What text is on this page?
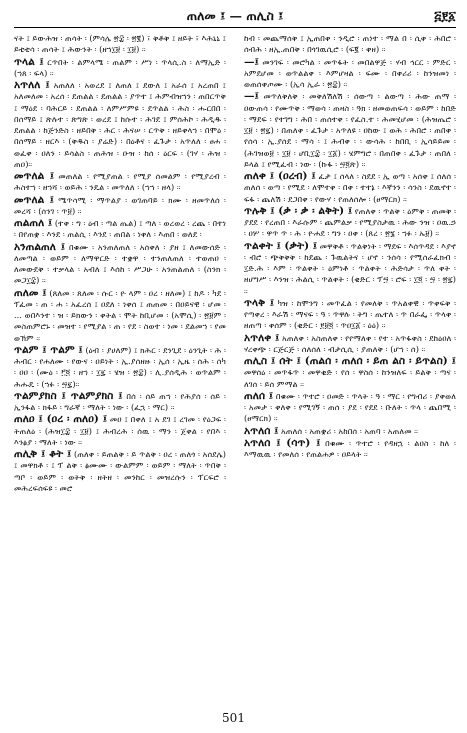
ጠለመ ፤ — ጠሊስ ፤	፭፻፩

ናት ፤ ይውሕዝ ፡ ጠሳት ፡ (ምሳሌ ፳፰ ፡ ፳፪) ፣ ቅቶቅ ፤ ዘይት ፣ እሕኒኒ ፤ ይቲቲሳ ፡ ጠሳት ፤ ሕውንት ፡ (ዘኀ፲፱ ፡ ፲፱) ።

ጥላል ፤ ርጥበት ፡ ልምላሜ ፡ ጠልም ፡ ሥነ ፡ ጥላሲ.ስ ፡ ለማኢድ ፡ (ኀጸ ፡ ፍላ) ።

አጥለለ ፤ አጠለለ ፡ አወረደ ፤ ለጠለ ፤ ደውለ ፤ አራሰ ፤ አረጠበ ፤ አለመለመ ፡ አረሰ ፡ ደጠልል ፡ ደጠልል ፡ ያጥተ ፤ ሕምብዝኀን ፡ ጠበርጥቅ ፤ ማዕደ ፡ ባሕርይ ፡ ደጠልል ፡ ለምሥምዩ ፡ ደጥልል ፡ ሕስ ፡ ሑርበበ ፡ በሰማይ ፤ ጽሉተ ፡ ጽግጽ ፡ ወረደ ፤ ከሱተ ፡ ሕገደ ፤ ምሰሕኮ ፡ ሕዲዱ ፡ ደጠልል ፡ ከጅንድስ ፡ ዘይበቅ ፡ ሕር ፡ ሕናሠ ፡ ርጥቅ ፡ ዘይቀላኀ ፡ በሞዕ ፡ በሰማይ ፡ ዘርእ ፡ (ቅዱስ ፡ ያሬድ) ፡ በዕቶና ፡ ፈጉታ ፡ አጥለለ ፡ ፀሐ ፡ ወፈቀ ፡ ዐለን ፡ ይሳልስ ፡ ጠሕዝ ፡ ዑዝ ፡ ከሰ ፡ ዕርፍ ፡ (ገሃ ፡ ሕዝ ፡ ጠዐ)።

መጥለል ፤ መጠለል ፡ የሚያጠል ፡ የሚያ ሰመልም ፡ የሚያረብ ፡ ሕስተኀ ፡ ዘኀሻ ፡ ወይሕ ፡ ንዴል ፡ መጥለለ ፡ (ኀኀ ፡ ዘላ) ።

መጥለል ፤ ሜጥሳሚ ፡ ማጥልያ ፡ ወገጠባይ ፡ ክሙ ፡ ዘመጥለሰ ፡ መረሻ ፡ (ሰንገ ፡ ጥ፱) ።

ጠልጠለ ፤ (ተቀ ፡ ግ ፡ ዕብ ፡ ጣል ጤል) ፤ ጣለ ፡ ወረወረ ፡ ረጨ ፡ በተነ ፡ በየጠቋ ፡ እንደ ፡ ጠልሲ ፡ እንደ ፡ ጠበል ፡ ነቀለ ፡ እጠበ ፡ ወለደ ፡

አንጠልጠለ ፤ በቁሙ ፡ አንጠለጠለ ፡ አሰቀለ ፡ ያዘ ፤ ለመውሰድ ፡ ለመጣል ፡ ወይም ፡ ለማዋርድ ፡ ተቋዋ ፡ ተንጠለጠለ ፡ ተወጠዐ ፡ ለመውደቅ ፡ ተቃላል ፡ አብለ ፤ እሰከ ፡ ሥጋሁ ፡ አንጠልጠለ ፡ (ስንክ ፡ መጋ፲፰) ።

ጠለመ ፤ (ጸለመ ፡ ጸለመ ፡ ሱር ፡ ዮ ላም ፡ ዐረ ፡ ዘለመ) ፤ ከዶ ፡ ካደ ፡ ፕፈመ ፡ ጠ ፡ ሐ ፡ አፈረሰ ፤ ዐደለ ፡ ነቀሰ ፤ ጠጠመ ፡ በዐይናዊ ፡ ሆመ ፡ ... ወበእንተ ፡ ዝ ፡ ይክውን ፡ ቀትል ፡ ሞት ከቢሆመ ፡ (አሞሲ) ፡ ፳፱ም ፡ መስጠምሮኑ ፡ መዝተ ፡ የሚያል ፡ ጠ ፡ የደ ፡ ስወተ ፡ ነመ ፡ ደልመኀ ፡ የመ ወኽም ።

ጥልም ፤ ጥልም ፤ (ዕብ ፡ ያሀለም) ፤ ክሕር ፡ ደንጊደ ፡ ዕንጊት ፡ ሕ ፡ ሕብር ፡ የሐለሙ ፡ የውና ፡ ዐይነት ፡ ኢ.ያሰዘዙ ፡ ኢሰ ፡ ኢዜ ፡ ሰሕ ፡ ሰካ ፡ ዐዐ ፡ (ሙዕ ፡ ፫፬ ፡ ዘኀ ፡ ፲፯ ፡ ሄዝ ፡ ፳፰) ፡ ሊ.ያሰዲሕ ፡ ወጥልም ፡ ሕሑዴ ፡ (ኀፉ ፡ ፵፯)።

ጥልምያክስ ፤ ጥልምያክስ ፤ በሰ ፡ ሰይ ጠኀ ፡ የሕያሰ ፡ ሰይ ፡ ኢንፋል ፡ ክፋይ ፡ ግራኛ ፡ ማለት ፡ ነው ፡ (ፈኋ ፡ ማር) ።

ጠለዐ ፤ (ዐረ ፡ ጠለዐ) ፤ መዐ ፤ በቀለ ፤ አ ደገ ፤ ረገመ ፡ የዕጋፍ ፡ ትጠለዕ ፡ (ሕዝ፲፰ ፡ ፲፱) ፤ ሕብረሕ ፡ ሰዉ ፡ ማን ፡ ጀቀል ፡ የበእ ፡ እንፅያ ፡ ማለት ፡ ነው ።

ጠሊቅ ፤ ቆት ፤ (ጠለቀ ፡ ይጠልቅ ፡ ይ ጥልቅ ፡ ዐረ ፡ ጠለጎ ፡ አሰደሌ) ፤ መዋክቶ ፡ ፤ ፕ ልቅ ፡ ፅሙሙ ፡ ውልምም ፡ ወይም ፡ ማለት ፡ ጥበቅ ፡ ጣቦ ፡ ወይም ፡ ወትቅ ፡ ዘትዘ ፡ መንከር ፡ መዝረሱን ፡ ፕርፍሮ ፡ መሕረፍሰፍዩ ፡ መሮ

ከብ ፡ መጨማሰቅ ፤ ኢጠበቀ ፡ ንዲሮ ፡ ጠነተ ፡ ማል በ ፡ ሲቀ ፡ ሕበሮ ፡ ሰብሕ ፡ ዘኢ.ጠበቅ ፡ በጎገዉሲሮ ፡ (ፍ፪ ፡ ቀዘ) ።

—፤ መንገፍ ፡ መሮካል ፡ መጥፋት ፡ መበልዋጅ ፡ ሃብ ኅርር ፡ ምድር ፡ አምደሆመ ፡ ወጥልልቀ ፡ እምሆዛል ፡ ፍሙ ፡ በቀሪሪ ፡ ከንዝመነ ፡ ወጠሰቀጦሙ ፡ (ኢሳ ኢራ ፡ ፳፰) ።

—፤ መጥለቅለቅ ፡ መቅለሽለሽ ፡ ሰውጣ ፡ ልውጣ ፡ ሕው ጠማ ፡ ዐውጠሳ ፡ የሙጥቅ ፡ ማወሳ ፡ ጠዛስ ፡ ዓክ ፡ ዘመወጠፍሳ ፡ ወይም ፡ ከበድ ፡ ማደፍ ፡ የተገግ ፡ ሕበ ፡ ጠሰተቀ ፡ የፈስ.ተ ፡ ሕመሂሆመ ፡ (ሕዝጤሮ ፡ ፲፱ ፡ ፳፯) ፡ በጠለቀ ፡ ፈጉታ ፡ አጥለዩ ፡ ዐከው ፤ ወሕ ፡ ሕበሮ ፡ ጠበቀ ፡ የሰሳ ፡ ኢ.ያሰደ ፡ ማሳ ፡ ፤ ሕብቀ ፡ ፡ ውሳሕ ፡ ከበቢ ፡ ኢሳይይመ ፡ (ሕገዝወ፱ ፡ ፲፱ ፡ ሆቢ፲፰ ፡ ፲፩) ፡ ሄምግሮ ፡ በጠበቀ ፡ ፈጉታ ፡ ጠበለ ፡ ይላል ፤ የሚፈብ ፡ ነው ፡ (ኩፋ ፡ ፵፬ጽ) ።

ጠለቀ ፤ (ዐረብ) ፤ ፈታ ፤ ሰላለ ፡ ስደደ ፡ ኢ ወጣ ፡ አሰቀ ፤ ሰለሰ ፡ ጠለሰ ፡ ወጣ ፡ የሚደ ፡ ለሞተቀ ፡ በቀ ፡ ተተኔ ፡ እኛንን ፡ ሳንስ ፡ ደዉኖተ ፡ ፍፋ ፡ ጨለሽ ፡ ደጋበቀ ፡ የውሃ ፡ የጠለሰሎ ፡ (ፀማርክ) ።

ጥሉቅ ፤ (ቃ ፡ ቃ ፡ ልቅት) ፤ የጠለቀ ፡ ጥልቅ ፡ ዕምቅ ፡ ጠመቅ ፡ ያደደ ፡ የረጠበ ፡ እራሱም ፡ ጨምልቃ ፡ የሚያስታዉ ፡ ሕው ንዝ ፡ ዐዉ.ኃ ፡ ዐሦ ፡ ዋጥ ጥ ፡ ሕ ፡ ዮሐደ ፡ ግን ፡ ዐቀ ፡ (ጸረ ፡ ፳፮ ፡ ኀፉ ፡ ኡ፱) ።

ጥልቀት ፤ (ቃት) ፤ መዋቅቶ ፡ ጥልቅነት ፡ ማደፍ ፡ እሰጥዳደ ፡ እያኖ ፡ ብሮ ፡ ጭቅቅቅ ፡ ከደጨ ፡ ጉዉልትና ፡ ሆኖ ፡ ንሰሳ ፡ የሚሰራፈክብ ፡ ፲ድ.ሕ ፡ እም ፡ ጥልቀት ፡ ዕምነቶ ፡ ጥልቀት ፡ ሕድሳታ ፡ ጥለ ቀት ፡ ዘሆግሥ ፡ እንዝ ፡ ሕልሲ ፡ ጥልቀት ፡ (ቂድር ፡ ፕ፵ ፡ ሮፍ ፡ ፲፬ ፡ ፵ ፡ ፳፯) ።

ጥላቅ ፤ ካዝ ፡ ከሞንግ ፡ መጥፈል ፡ የመለቅ ፡ ጥአልቀዊ ፡ ጥቀፍቅ ፡ የጣቀረ ፡ እራሽ ፡ ማናፍ ፡ ዓ ፡ ጥዋሉ ፡ ትግ ፡ ጤተለ ፡ ጥ በራፌ ፡ ጥላቀ ፡ ዘጠጣ ፡ ቀሰም ፡ (ቂድር ፡ ፻፱፬ ፡ ጥዐ፲፩ ፡ ዕዕ) ።

አጥለቀ ፤ አጠለቀ ፡ አስጠለቀ ፡ የየማለቀ ፡ የተ ፡ አጥፋቀስ ፡ ደከዕዐለ ፡ ሃረቀጭ ፡ ርጅርጅ ፡ ሰለሰለ ፡ ብታሲሲ ፡ ያጠለቅ ፡ (ሆኀ ፡ ሰ) ።

ጠሊስ ፤ ሰት ፤ (ጠልሰ ፡ ጠለሰ ፡ ይጠ ልስ ፡ ይጥልስ) ፤ መዋሰዕ ፡ መጥፋጥ ፡ መዋቂድ ፡ የሰ ፡ ዋስሰ ፡ ከንዝለፍ ፡ ይልቅ ፡ ጣና ፡ ለገሰ ፡ ይሰ ምማል ።

ጠለሰ ፤ በቁሙ ፡ ጥተሮ ፡ ዐመድ ፡ ጥላት ፡ ዓ ፡ ማር ፡ የግብሪ ፡ ያቀወለ ፡ አመታ ፡ ቀለቀ ፡ የሚገኝ ፡ ጠሰ ፡ ያደ ፡ የደደ ፡ ቡለት ፡ ጥላ ፡ ጨበሚ ፡ (ፀማርክ) ።

አጥለሰ ፤ አጠለሰ ፡ አጠቋሪ ፡ አከበሰ ፡ አጠባ ፡ አጠለመ ።

አጥለሰ ፤ (ሳጥ) ፤ በቁሙ ፡ ጥተሮ ፡ የዳዘኋ ፡ ልዐስ ፡ ከለ ፡ እማዉዉ ፡ የመለሰ ፡ የጠልሐዎ ፡ ዐይላት ።

501
